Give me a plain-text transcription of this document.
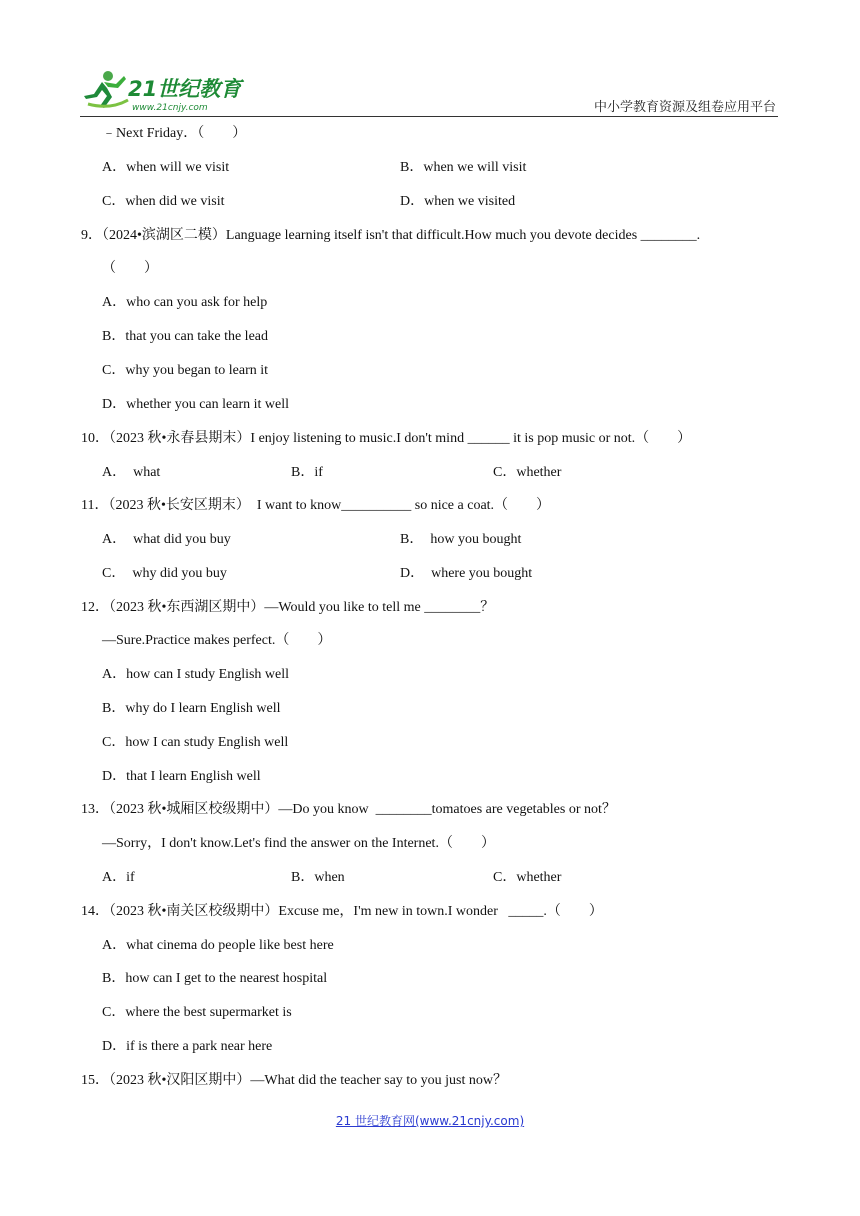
21世纪教育
www.21cnjy.com	中小学教育资源及组卷应用平台
﹣Next Friday．（　　）
A．when will we visit	B．when we will visit
C．when did we visit	D．when we visited
9．（2024•滨湖区二模）Language learning itself isn't that difficult.How much you devote decides ________.
（　　）
A．who can you ask for help
B．that you can take the lead
C．why you began to learn it
D．whether you can learn it well
10．（2023 秋•永春县期末）I enjoy listening to music.I don't mind ______ it is pop music or not.（　　）
A．  what	B．if	C．whether
11．（2023 秋•长安区期末）  I want to know__________ so nice a coat.（　　）
A．  what did you buy	B．  how you bought
C．  why did you buy	D．  where you bought
12．（2023 秋•东西湖区期中）—Would you like to tell me ________？
—Sure.Practice makes perfect.（　　）
A．how can I study English well
B．why do I learn English well
C．how I can study English well
D．that I learn English well
13．（2023 秋•城厢区校级期中）—Do you know  ________tomatoes are vegetables or not？
—Sorry，I don't know.Let's find the answer on the Internet.（　　）
A．if	B．when	C．whether
14．（2023 秋•南关区校级期中）Excuse me，I'm new in town.I wonder   _____.（　　）
A．what cinema do people like best here
B．how can I get to the nearest hospital
C．where the best supermarket is
D．if is there a park near here
15．（2023 秋•汉阳区期中）—What did the teacher say to you just now？
21 世纪教育网(www.21cnjy.com)
